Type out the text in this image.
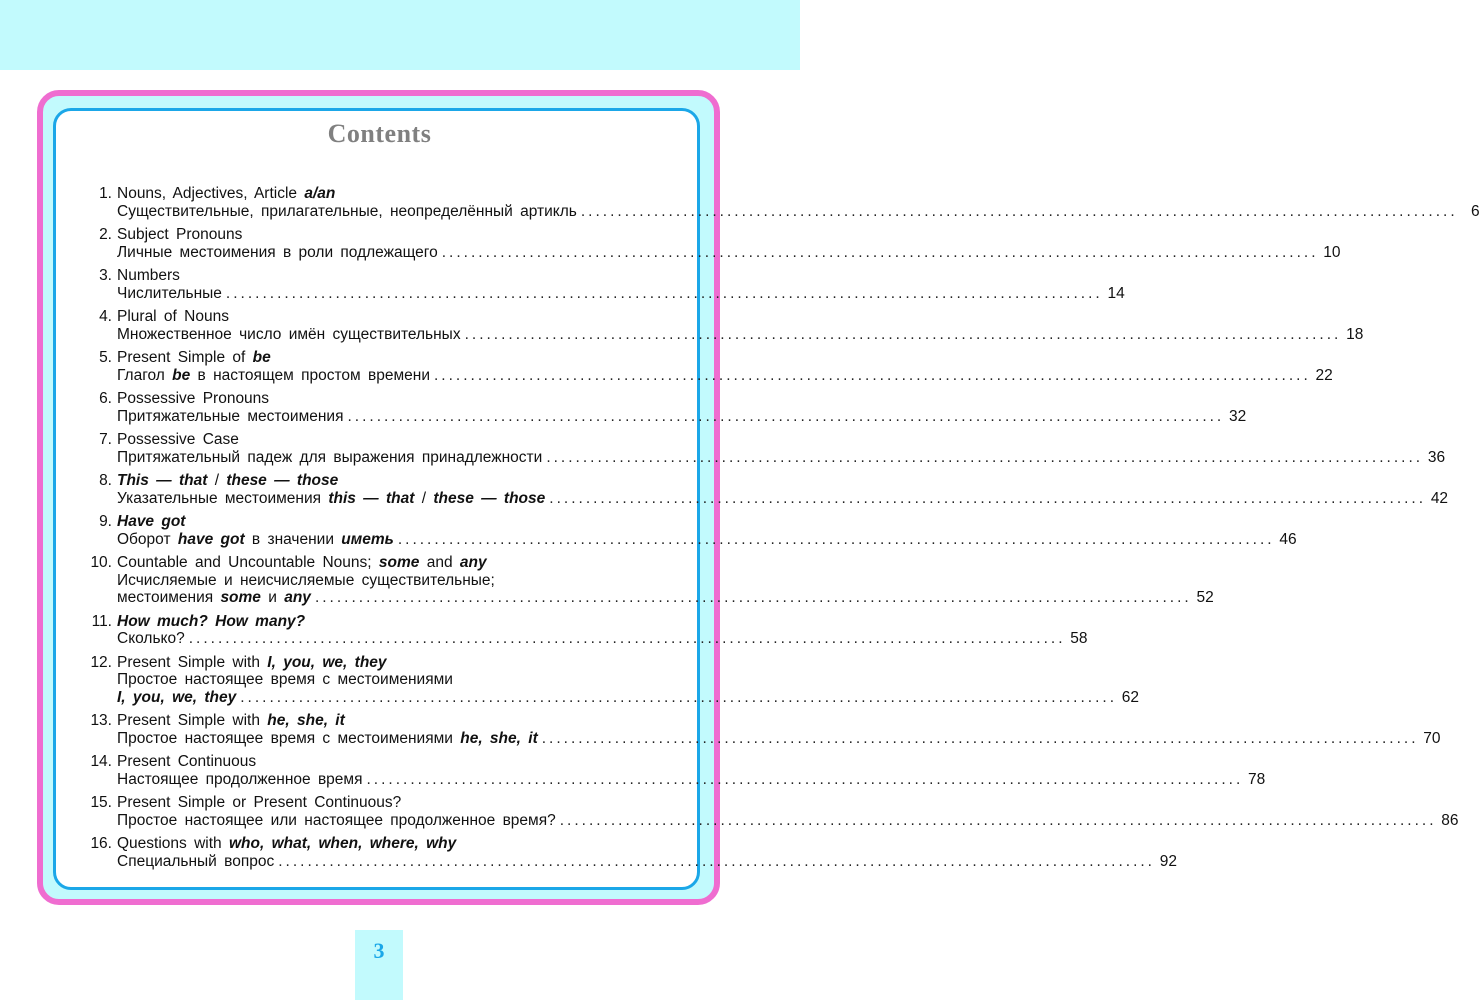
Contents
1. Nouns, Adjectives, Article a/an
Существительные, прилагательные, неопределённый артикль ........................................................................................................................ 6
2. Subject Pronouns
Личные местоимения в роли подлежащего ........................................................................................................................ 10
3. Numbers
Числительные ........................................................................................................................ 14
4. Plural of Nouns
Множественное число имён существительных ........................................................................................................................ 18
5. Present Simple of be
Глагол be в настоящем простом времени ........................................................................................................................ 22
6. Possessive Pronouns
Притяжательные местоимения ........................................................................................................................ 32
7. Possessive Case
Притяжательный падеж для выражения принадлежности ........................................................................................................................ 36
8. This — that / these — those
Указательные местоимения this — that / these — those ........................................................................................................................ 42
9. Have got
Оборот have got в значении иметь ........................................................................................................................ 46
10. Countable and Uncountable Nouns; some and any
Исчисляемые и неисчисляемые существительные;
местоимения some и any ........................................................................................................................ 52
11. How much? How many?
Сколько? ........................................................................................................................ 58
12. Present Simple with I, you, we, they
Простое настоящее время с местоимениями
I, you, we, they ........................................................................................................................ 62
13. Present Simple with he, she, it
Простое настоящее время с местоимениями he, she, it ........................................................................................................................ 70
14. Present Continuous
Настоящее продолженное время ........................................................................................................................ 78
15. Present Simple or Present Continuous?
Простое настоящее или настоящее продолженное время? ........................................................................................................................ 86
16. Questions with who, what, when, where, why
Специальный вопрос ........................................................................................................................ 92
3
